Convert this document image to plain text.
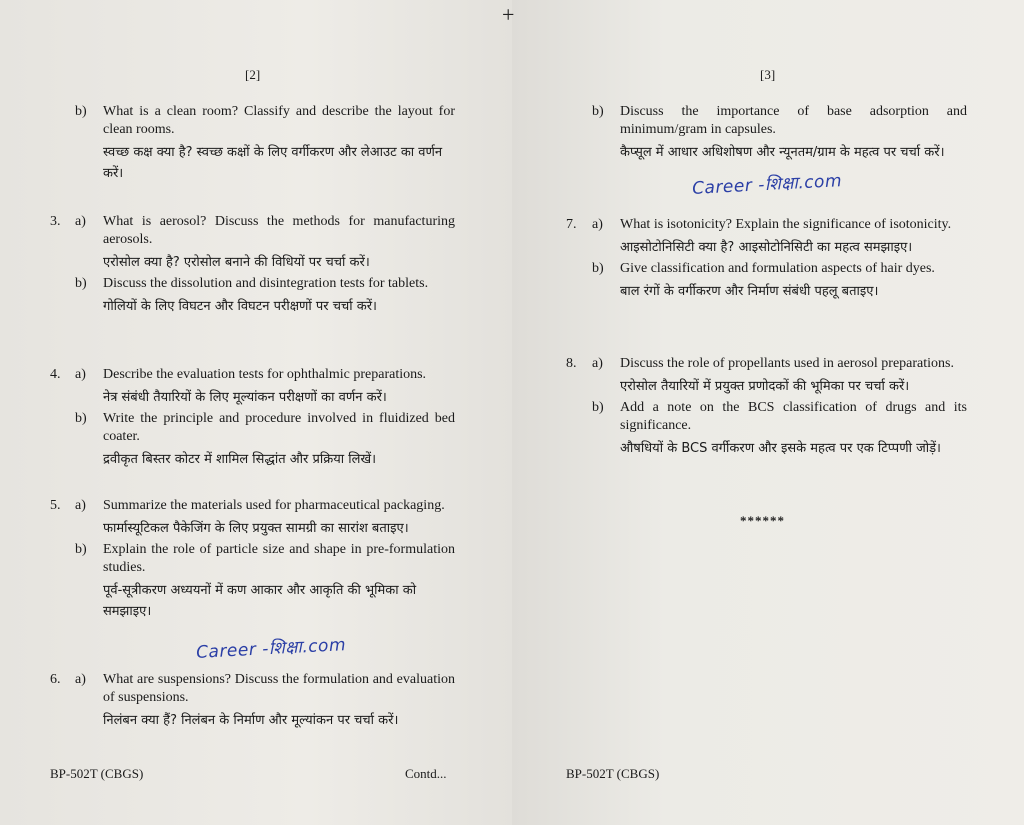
+
[2]
b) What is a clean room? Classify and describe the layout for clean rooms.
स्वच्छ कक्ष क्या है? स्वच्छ कक्षों के लिए वर्गीकरण और लेआउट का वर्णन करें।
3. a) What is aerosol? Discuss the methods for manufacturing aerosols.
एरोसोल क्या है? एरोसोल बनाने की विधियों पर चर्चा करें।
b) Discuss the dissolution and disintegration tests for tablets.
गोलियों के लिए विघटन और विघटन परीक्षणों पर चर्चा करें।
4. a) Describe the evaluation tests for ophthalmic preparations.
नेत्र संबंधी तैयारियों के लिए मूल्यांकन परीक्षणों का वर्णन करें।
b) Write the principle and procedure involved in fluidized bed coater.
द्रवीकृत बिस्तर कोटर में शामिल सिद्धांत और प्रक्रिया लिखें।
5. a) Summarize the materials used for pharmaceutical packaging.
फार्मास्यूटिकल पैकेजिंग के लिए प्रयुक्त सामग्री का सारांश बताइए।
b) Explain the role of particle size and shape in pre-formulation studies.
पूर्व-सूत्रीकरण अध्ययनों में कण आकार और आकृति की भूमिका को समझाइए।
Career -शिक्षा.com
6. a) What are suspensions? Discuss the formulation and evaluation of suspensions.
निलंबन क्या हैं? निलंबन के निर्माण और मूल्यांकन पर चर्चा करें।
BP-502T (CBGS)	Contd...
[3]
b) Discuss the importance of base adsorption and minimum/gram in capsules.
कैप्सूल में आधार अधिशोषण और न्यूनतम/ग्राम के महत्व पर चर्चा करें।
Career -शिक्षा.com
7. a) What is isotonicity? Explain the significance of isotonicity.
आइसोटोनिसिटी क्या है? आइसोटोनिसिटी का महत्व समझाइए।
b) Give classification and formulation aspects of hair dyes.
बाल रंगों के वर्गीकरण और निर्माण संबंधी पहलू बताइए।
8. a) Discuss the role of propellants used in aerosol preparations.
एरोसोल तैयारियों में प्रयुक्त प्रणोदकों की भूमिका पर चर्चा करें।
b) Add a note on the BCS classification of drugs and its significance.
औषधियों के BCS वर्गीकरण और इसके महत्व पर एक टिप्पणी जोड़ें।
******
BP-502T (CBGS)
